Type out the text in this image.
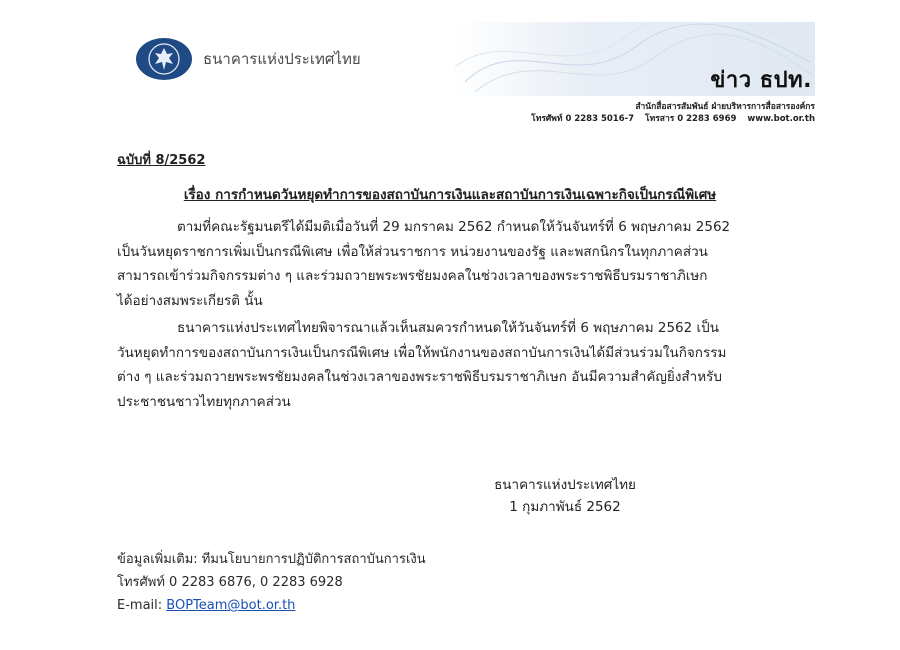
ธนาคารแห่งประเทศไทย
ข่าว ธปท.
สำนักสื่อสารสัมพันธ์ ฝ่ายบริหารการสื่อสารองค์กร
โทรศัพท์ 0 2283 5016-7 โทรสาร 0 2283 6969 www.bot.or.th
ฉบับที่ 8/2562
เรื่อง การกำหนดวันหยุดทำการของสถาบันการเงินและสถาบันการเงินเฉพาะกิจเป็นกรณีพิเศษ

ตามที่คณะรัฐมนตรีได้มีมติเมื่อวันที่ 29 มกราคม 2562 กำหนดให้วันจันทร์ที่ 6 พฤษภาคม 2562

เป็นวันหยุดราชการเพิ่มเป็นกรณีพิเศษ เพื่อให้ส่วนราชการ หน่วยงานของรัฐ และพสกนิกรในทุกภาคส่วน

สามารถเข้าร่วมกิจกรรมต่าง ๆ และร่วมถวายพระพรชัยมงคลในช่วงเวลาของพระราชพิธีบรมราชาภิเษก

ได้อย่างสมพระเกียรติ นั้น

ธนาคารแห่งประเทศไทยพิจารณาแล้วเห็นสมควรกำหนดให้วันจันทร์ที่ 6 พฤษภาคม 2562 เป็น

วันหยุดทำการของสถาบันการเงินเป็นกรณีพิเศษ เพื่อให้พนักงานของสถาบันการเงินได้มีส่วนร่วมในกิจกรรม

ต่าง ๆ และร่วมถวายพระพรชัยมงคลในช่วงเวลาของพระราชพิธีบรมราชาภิเษก อันมีความสำคัญยิ่งสำหรับ

ประชาชนชาวไทยทุกภาคส่วน

ธนาคารแห่งประเทศไทย
1 กุมภาพันธ์ 2562
ข้อมูลเพิ่มเติม: ทีมนโยบายการปฏิบัติการสถาบันการเงิน
โทรศัพท์ 0 2283 6876, 0 2283 6928
E-mail: BOPTeam@bot.or.th
